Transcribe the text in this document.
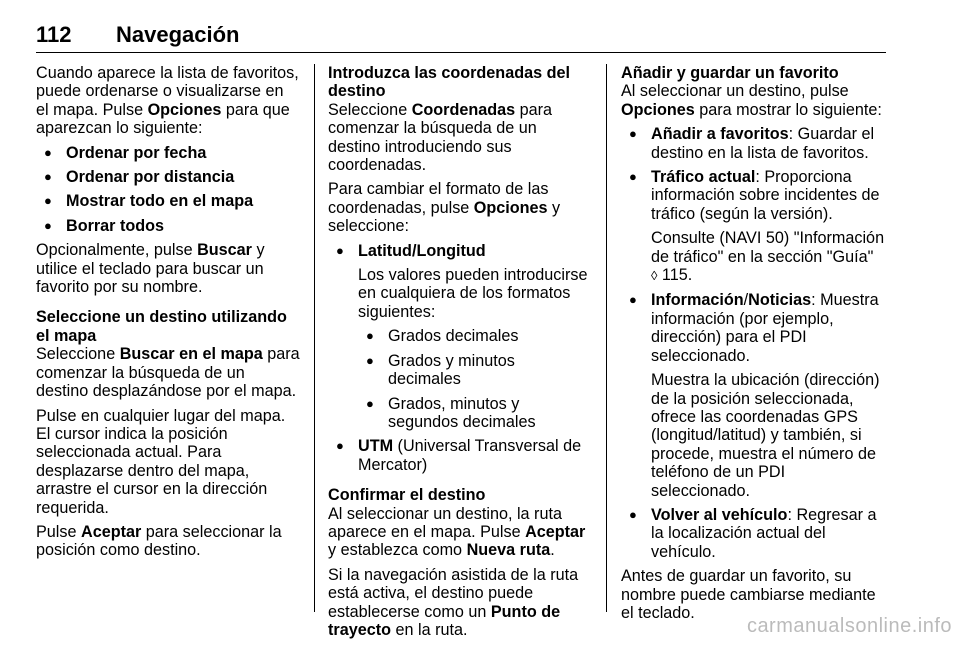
112 Navegación

Cuando aparece la lista de favoritos, puede ordenarse o visualizarse en el mapa. Pulse Opciones para que aparezcan lo siguiente:

● Ordenar por fecha
● Ordenar por distancia
● Mostrar todo en el mapa
● Borrar todos

Opcionalmente, pulse Buscar y utilice el teclado para buscar un favorito por su nombre.

Seleccione un destino utilizando el mapa

Seleccione Buscar en el mapa para comenzar la búsqueda de un destino desplazándose por el mapa.

Pulse en cualquier lugar del mapa. El cursor indica la posición seleccionada actual. Para desplazarse dentro del mapa, arrastre el cursor en la dirección requerida.

Pulse Aceptar para seleccionar la posición como destino.

Introduzca las coordenadas del destino

Seleccione Coordenadas para comenzar la búsqueda de un destino introduciendo sus coordenadas.

Para cambiar el formato de las coordenadas, pulse Opciones y seleccione:

● Latitud/Longitud

Los valores pueden introducirse en cualquiera de los formatos siguientes:
● Grados decimales
● Grados y minutos decimales
● Grados, minutos y segundos decimales
● UTM (Universal Transversal de Mercator)

Confirmar el destino

Al seleccionar un destino, la ruta aparece en el mapa. Pulse Aceptar y establezca como Nueva ruta.

Si la navegación asistida de la ruta está activa, el destino puede establecerse como un Punto de trayecto en la ruta.

Añadir y guardar un favorito

Al seleccionar un destino, pulse Opciones para mostrar lo siguiente:

● Añadir a favoritos: Guardar el destino en la lista de favoritos.
● Tráfico actual: Proporciona información sobre incidentes de tráfico (según la versión).
Consulte (NAVI 50) "Información de tráfico" en la sección "Guía"
◊ 115.
● Información/Noticias: Muestra información (por ejemplo, dirección) para el PDI seleccionado.
Muestra la ubicación (dirección) de la posición seleccionada, ofrece las coordenadas GPS (longitud/latitud) y también, si procede, muestra el número de teléfono de un PDI seleccionado.
● Volver al vehículo: Regresar a la localización actual del vehículo.

Antes de guardar un favorito, su nombre puede cambiarse mediante el teclado.

carmanualsonline.info
